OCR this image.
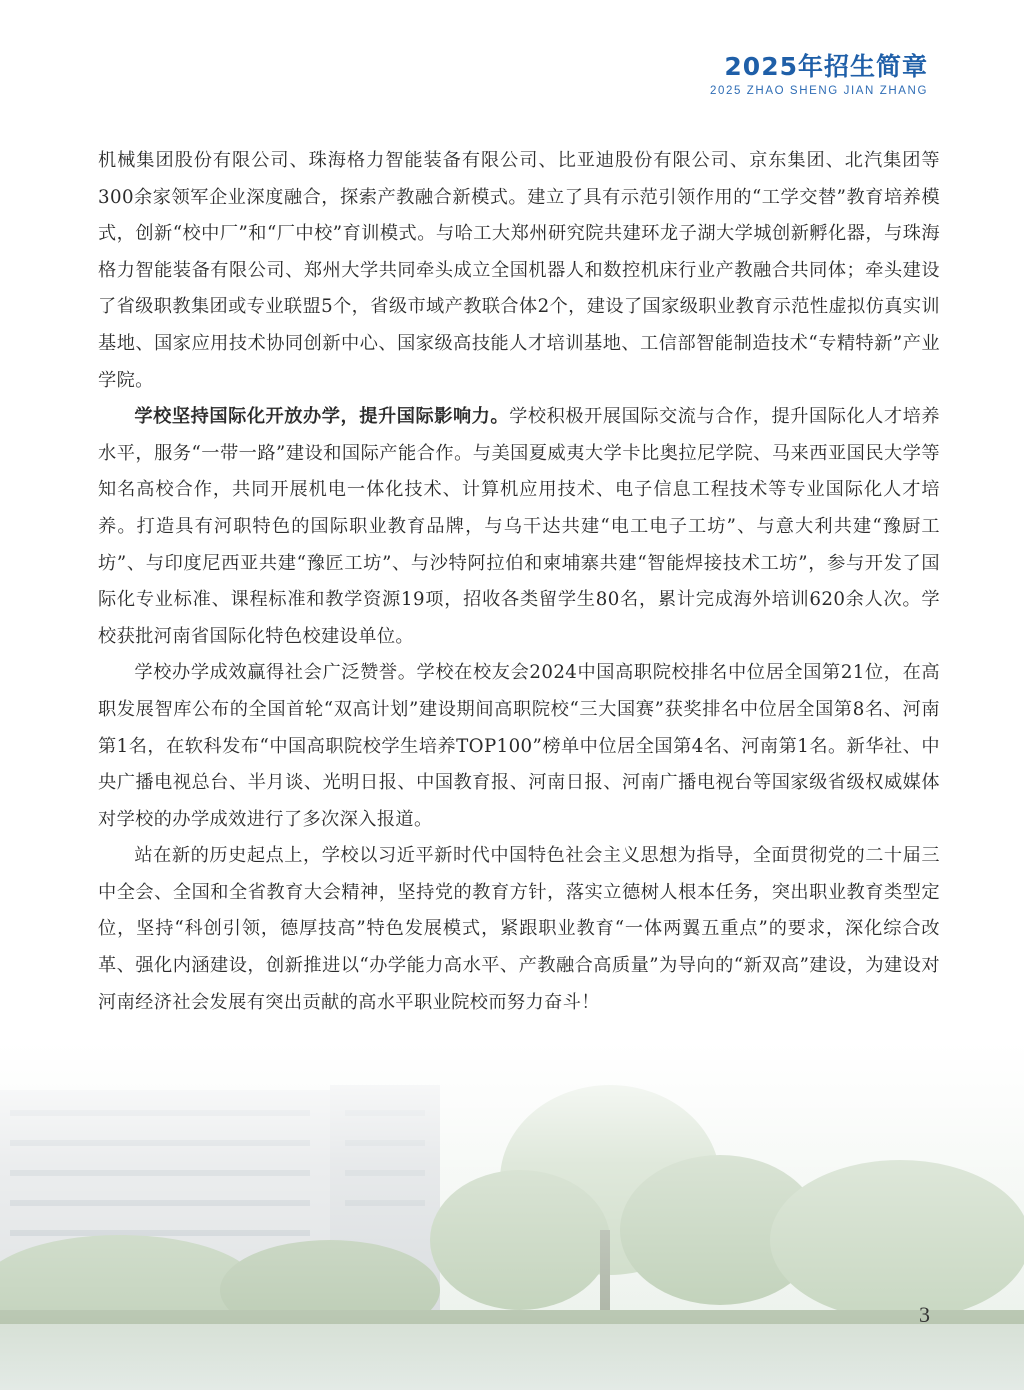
2025年招生简章
2025 ZHAO SHENG JIAN ZHANG

机械集团股份有限公司、珠海格力智能装备有限公司、比亚迪股份有限公司、京东集团、北汽集团等300余家领军企业深度融合，探索产教融合新模式。建立了具有示范引领作用的“工学交替”教育培养模式，创新“校中厂”和“厂中校”育训模式。与哈工大郑州研究院共建环龙子湖大学城创新孵化器，与珠海格力智能装备有限公司、郑州大学共同牵头成立全国机器人和数控机床行业产教融合共同体；牵头建设了省级职教集团或专业联盟5个，省级市域产教联合体2个，建设了国家级职业教育示范性虚拟仿真实训基地、国家应用技术协同创新中心、国家级高技能人才培训基地、工信部智能制造技术“专精特新”产业学院。

学校坚持国际化开放办学，提升国际影响力。学校积极开展国际交流与合作，提升国际化人才培养水平，服务“一带一路”建设和国际产能合作。与美国夏威夷大学卡比奥拉尼学院、马来西亚国民大学等知名高校合作，共同开展机电一体化技术、计算机应用技术、电子信息工程技术等专业国际化人才培养。打造具有河职特色的国际职业教育品牌，与乌干达共建“电工电子工坊”、与意大利共建“豫厨工坊”、与印度尼西亚共建“豫匠工坊”、与沙特阿拉伯和柬埔寨共建“智能焊接技术工坊”，参与开发了国际化专业标准、课程标准和教学资源19项，招收各类留学生80名，累计完成海外培训620余人次。学校获批河南省国际化特色校建设单位。

学校办学成效赢得社会广泛赞誉。学校在校友会2024中国高职院校排名中位居全国第21位，在高职发展智库公布的全国首轮“双高计划”建设期间高职院校“三大国赛”获奖排名中位居全国第8名、河南第1名，在软科发布“中国高职院校学生培养TOP100”榜单中位居全国第4名、河南第1名。新华社、中央广播电视总台、半月谈、光明日报、中国教育报、河南日报、河南广播电视台等国家级省级权威媒体对学校的办学成效进行了多次深入报道。

站在新的历史起点上，学校以习近平新时代中国特色社会主义思想为指导，全面贯彻党的二十届三中全会、全国和全省教育大会精神，坚持党的教育方针，落实立德树人根本任务，突出职业教育类型定位，坚持“科创引领，德厚技高”特色发展模式，紧跟职业教育“一体两翼五重点”的要求，深化综合改革、强化内涵建设，创新推进以“办学能力高水平、产教融合高质量”为导向的“新双高”建设，为建设对河南经济社会发展有突出贡献的高水平职业院校而努力奋斗！

3
